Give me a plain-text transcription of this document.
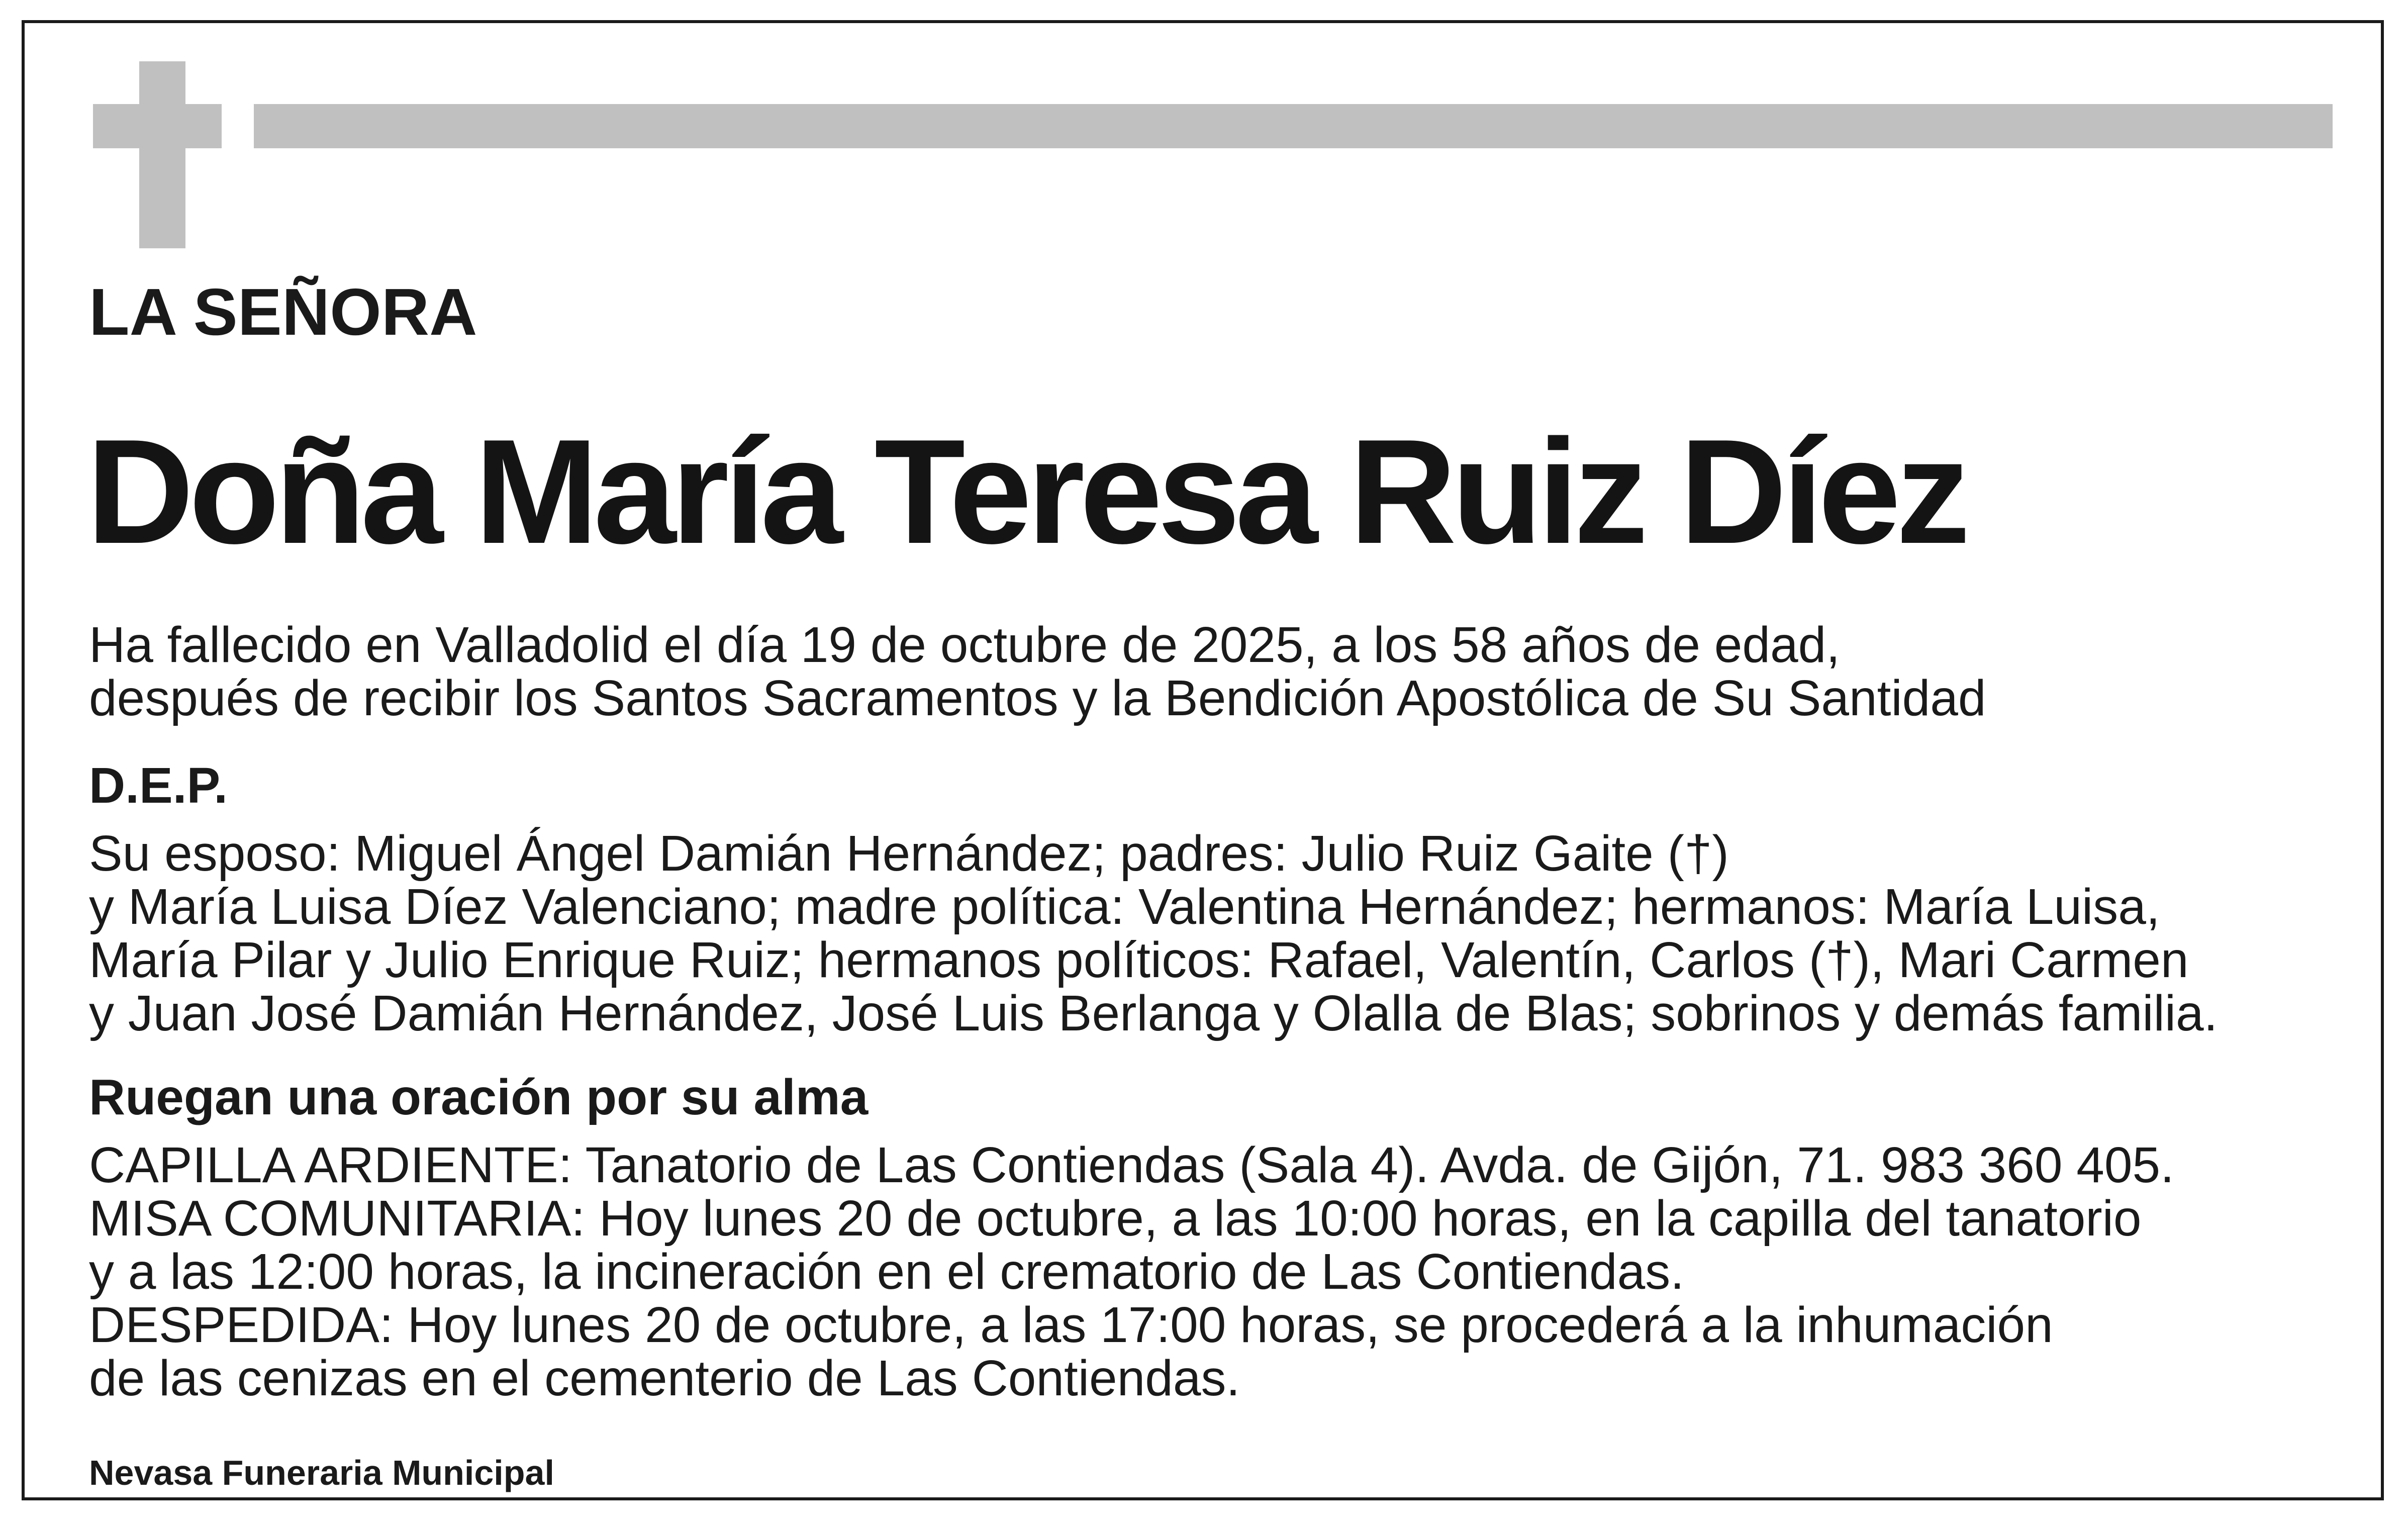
LA SEÑORA
Doña María Teresa Ruiz Díez
Ha fallecido en Valladolid el día 19 de octubre de 2025, a los 58 años de edad,
después de recibir los Santos Sacramentos y la Bendición Apostólica de Su Santidad
D.E.P.
Su esposo: Miguel Ángel Damián Hernández; padres: Julio Ruiz Gaite (†)
y María Luisa Díez Valenciano; madre política: Valentina Hernández; hermanos: María Luisa,
María Pilar y Julio Enrique Ruiz; hermanos políticos: Rafael, Valentín, Carlos (†), Mari Carmen
y Juan José Damián Hernández, José Luis Berlanga y Olalla de Blas; sobrinos y demás familia.
Ruegan una oración por su alma
CAPILLA ARDIENTE: Tanatorio de Las Contiendas (Sala 4). Avda. de Gijón, 71. 983 360 405.
MISA COMUNITARIA: Hoy lunes 20 de octubre, a las 10:00 horas, en la capilla del tanatorio
y a las 12:00 horas, la incineración en el crematorio de Las Contiendas.
DESPEDIDA: Hoy lunes 20 de octubre, a las 17:00 horas, se procederá a la inhumación
de las cenizas en el cementerio de Las Contiendas.
Nevasa Funeraria Municipal
